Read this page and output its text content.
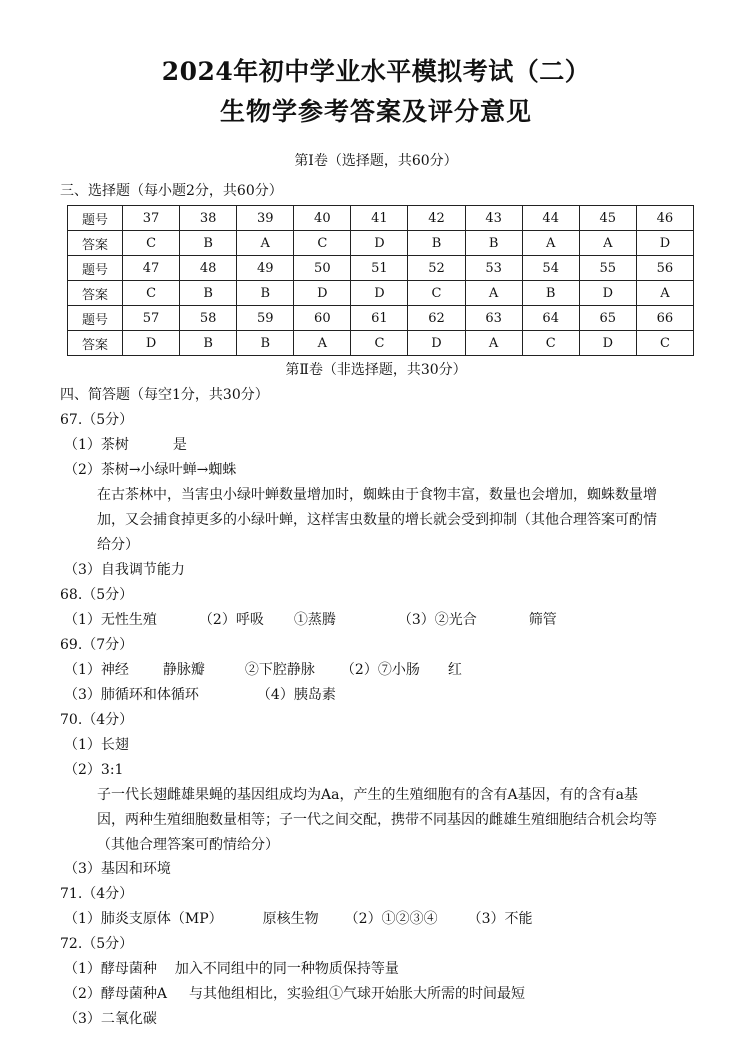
2024年初中学业水平模拟考试（二）
生物学参考答案及评分意见
第Ⅰ卷（选择题，共60分）
三、选择题（每小题2分，共60分）
题号	37	38	39	40	41	42	43	44	45	46
答案	C	B	A	C	D	B	B	A	A	D
题号	47	48	49	50	51	52	53	54	55	56
答案	C	B	B	D	D	C	A	B	D	A
题号	57	58	59	60	61	62	63	64	65	66
答案	D	B	B	A	C	D	A	C	D	C
第Ⅱ卷（非选择题，共30分）
四、简答题（每空1分，共30分）
67.（5分）
（1）茶树	是
（2）茶树→小绿叶蝉→蜘蛛
在古茶林中，当害虫小绿叶蝉数量增加时，蜘蛛由于食物丰富，数量也会增加，蜘蛛数量增
加，又会捕食掉更多的小绿叶蝉，这样害虫数量的增长就会受到抑制（其他合理答案可酌情
给分）
（3）自我调节能力
68.（5分）
（1）无性生殖	（2）呼吸 ①蒸腾	（3）②光合	筛管
69.（7分）
（1）神经 静脉瓣	②下腔静脉 （2）⑦小肠 红
（3）肺循环和体循环	（4）胰岛素
70.（4分）
（1）长翅
（2）3:1
子一代长翅雌雄果蝇的基因组成均为Aa，产生的生殖细胞有的含有A基因，有的含有a基
因，两种生殖细胞数量相等；子一代之间交配，携带不同基因的雌雄生殖细胞结合机会均等
（其他合理答案可酌情给分）
（3）基因和环境
71.（4分）
（1）肺炎支原体（MP）	原核生物 （2）①②③④ （3）不能
72.（5分）
（1）酵母菌种 加入不同组中的同一种物质保持等量
（2）酵母菌种A 与其他组相比，实验组①气球开始胀大所需的时间最短
（3）二氧化碳
